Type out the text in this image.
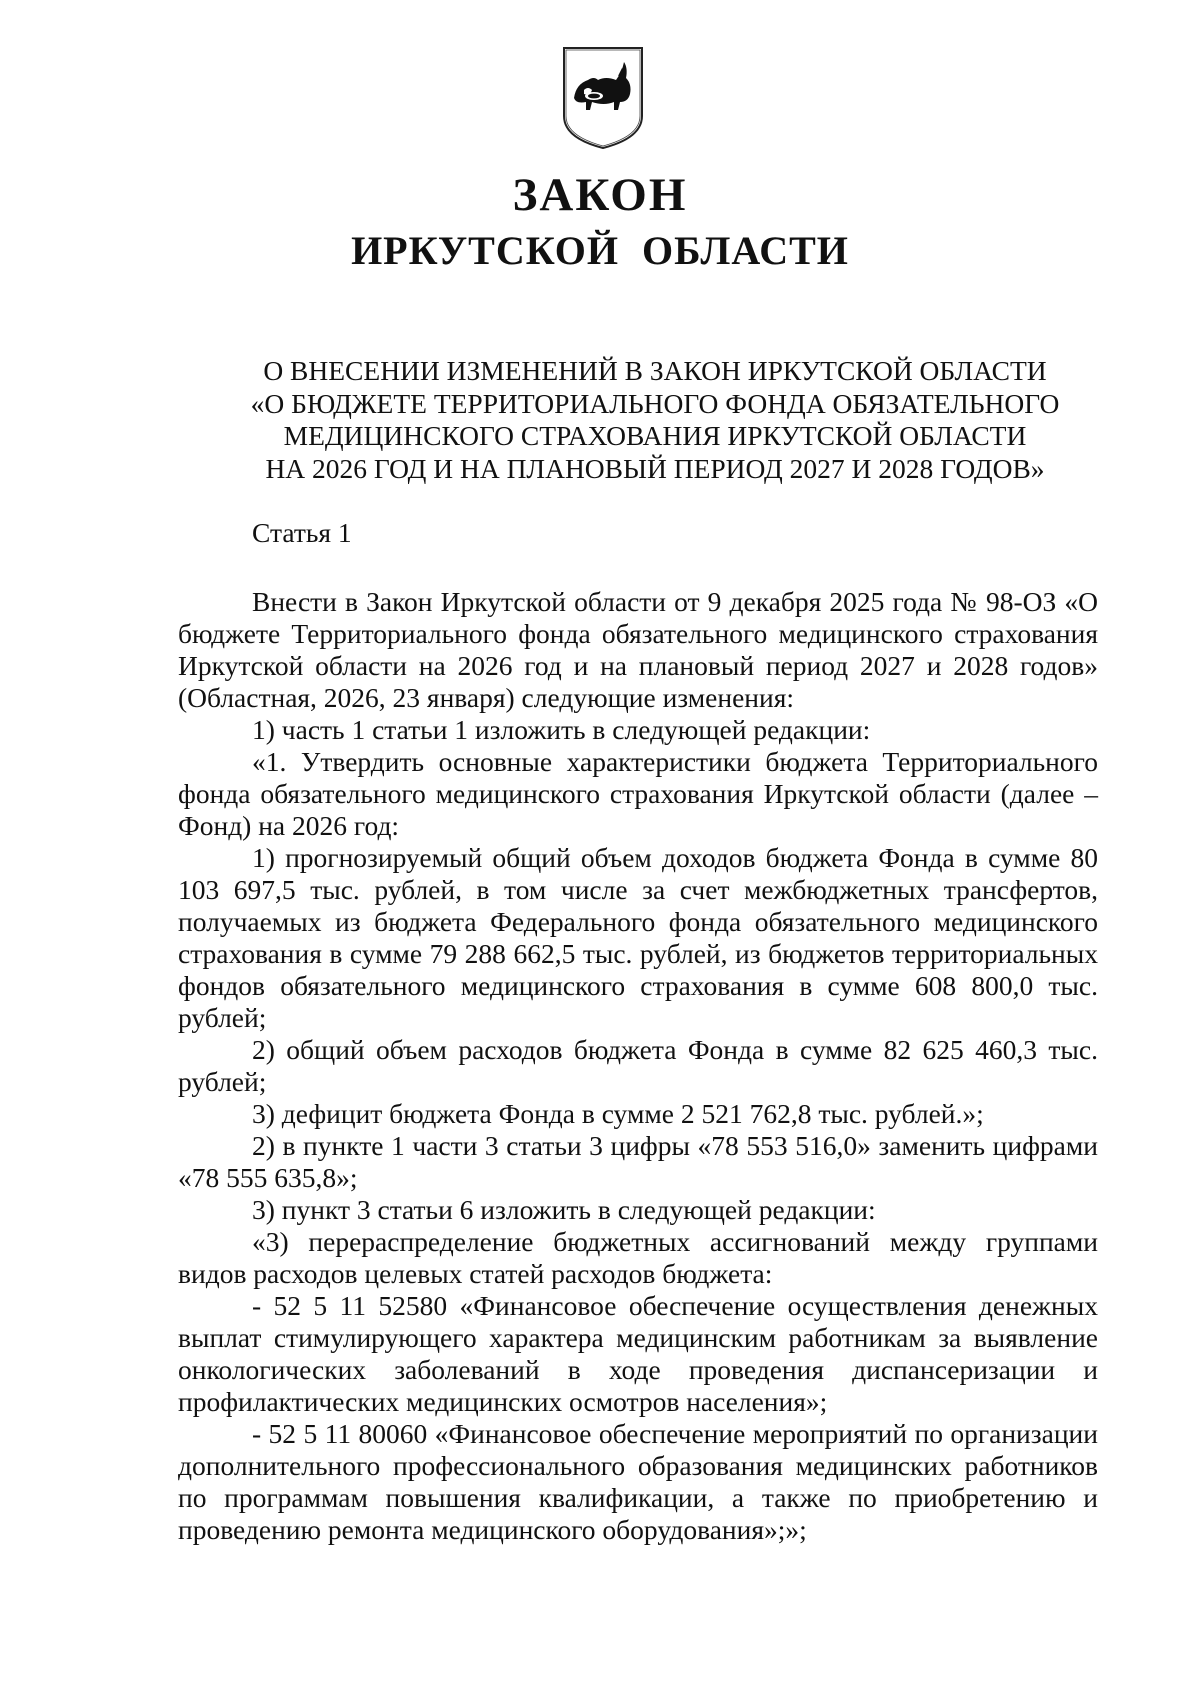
ЗАКОН
ИРКУТСКОЙ ОБЛАСТИ
О ВНЕСЕНИИ ИЗМЕНЕНИЙ В ЗАКОН ИРКУТСКОЙ ОБЛАСТИ
«О БЮДЖЕТЕ ТЕРРИТОРИАЛЬНОГО ФОНДА ОБЯЗАТЕЛЬНОГО
МЕДИЦИНСКОГО СТРАХОВАНИЯ ИРКУТСКОЙ ОБЛАСТИ
НА 2026 ГОД И НА ПЛАНОВЫЙ ПЕРИОД 2027 И 2028 ГОДОВ»
Статья 1
Внести в Закон Иркутской области от 9 декабря 2025 года № 98-ОЗ «О бюджете Территориального фонда обязательного медицинского страхования Иркутской области на 2026 год и на плановый период 2027 и 2028 годов» (Областная, 2026, 23 января) следующие изменения:
1) часть 1 статьи 1 изложить в следующей редакции:
«1. Утвердить основные характеристики бюджета Территориального фонда обязательного медицинского страхования Иркутской области (далее – Фонд) на 2026 год:
1) прогнозируемый общий объем доходов бюджета Фонда в сумме 80 103 697,5 тыс. рублей, в том числе за счет межбюджетных трансфертов, получаемых из бюджета Федерального фонда обязательного медицинского страхования в сумме 79 288 662,5 тыс. рублей, из бюджетов территориальных фондов обязательного медицинского страхования в сумме 608 800,0 тыс. рублей;
2) общий объем расходов бюджета Фонда в сумме 82 625 460,3 тыс. рублей;
3) дефицит бюджета Фонда в сумме 2 521 762,8 тыс. рублей.»;
2) в пункте 1 части 3 статьи 3 цифры «78 553 516,0» заменить цифрами «78 555 635,8»;
3) пункт 3 статьи 6 изложить в следующей редакции:
«3) перераспределение бюджетных ассигнований между группами видов расходов целевых статей расходов бюджета:
- 52 5 11 52580 «Финансовое обеспечение осуществления денежных выплат стимулирующего характера медицинским работникам за выявление онкологических заболеваний в ходе проведения диспансеризации и профилактических медицинских осмотров населения»;
- 52 5 11 80060 «Финансовое обеспечение мероприятий по организации дополнительного профессионального образования медицинских работников по программам повышения квалификации, а также по приобретению и проведению ремонта медицинского оборудования»;»;
